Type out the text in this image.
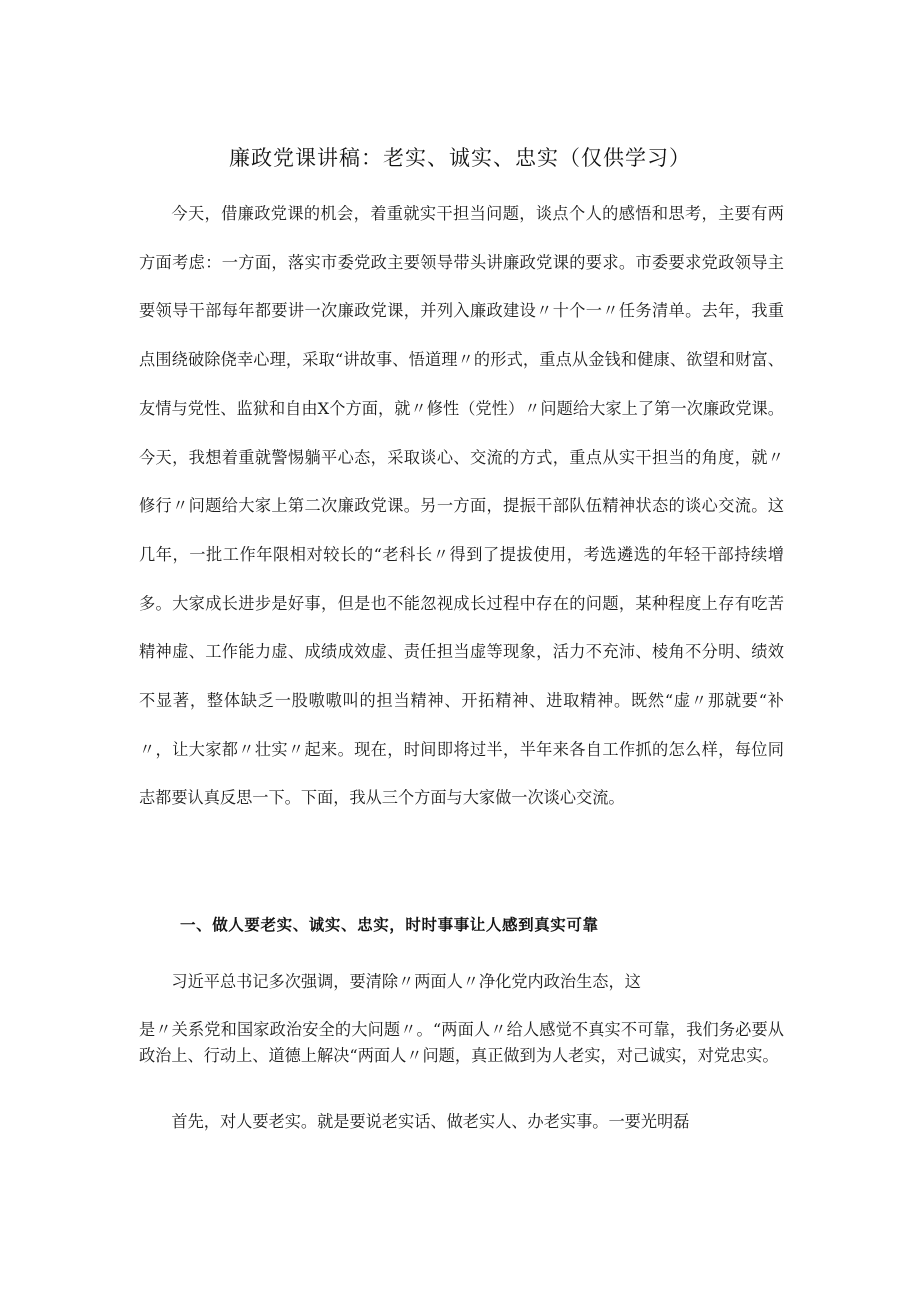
廉政党课讲稿：老实、诚实、忠实（仅供学习）

今天，借廉政党课的机会，着重就实干担当问题，谈点个人的感悟和思考，主要有两方面考虑：一方面，落实市委党政主要领导带头讲廉政党课的要求。市委要求党政领导主要领导干部每年都要讲一次廉政党课，并列入廉政建设〃十个一〃任务清单。去年，我重点围绕破除侥幸心理，采取“讲故事、悟道理〃的形式，重点从金钱和健康、欲望和财富、友情与党性、监狱和自由X个方面，就〃修性（党性）〃问题给大家上了第一次廉政党课。今天，我想着重就警惕躺平心态，采取谈心、交流的方式，重点从实干担当的角度，就〃修行〃问题给大家上第二次廉政党课。另一方面，提振干部队伍精神状态的谈心交流。这几年，一批工作年限相对较长的“老科长〃得到了提拔使用，考选遴选的年轻干部持续增多。大家成长进步是好事，但是也不能忽视成长过程中存在的问题，某种程度上存有吃苦精神虚、工作能力虚、成绩成效虚、责任担当虚等现象，活力不充沛、棱角不分明、绩效不显著，整体缺乏一股嗷嗷叫的担当精神、开拓精神、进取精神。既然“虚〃那就要“补〃，让大家都〃壮实〃起来。现在，时间即将过半，半年来各自工作抓的怎么样，每位同志都要认真反思一下。下面，我从三个方面与大家做一次谈心交流。

一、做人要老实、诚实、忠实，时时事事让人感到真实可靠

习近平总书记多次强调，要清除〃两面人〃净化党内政治生态，这

是〃关系党和国家政治安全的大问题〃。“两面人〃给人感觉不真实不可靠，我们务必要从政治上、行动上、道德上解决“两面人〃问题，真正做到为人老实，对己诚实，对党忠实。

首先，对人要老实。就是要说老实话、做老实人、办老实事。一要光明磊
